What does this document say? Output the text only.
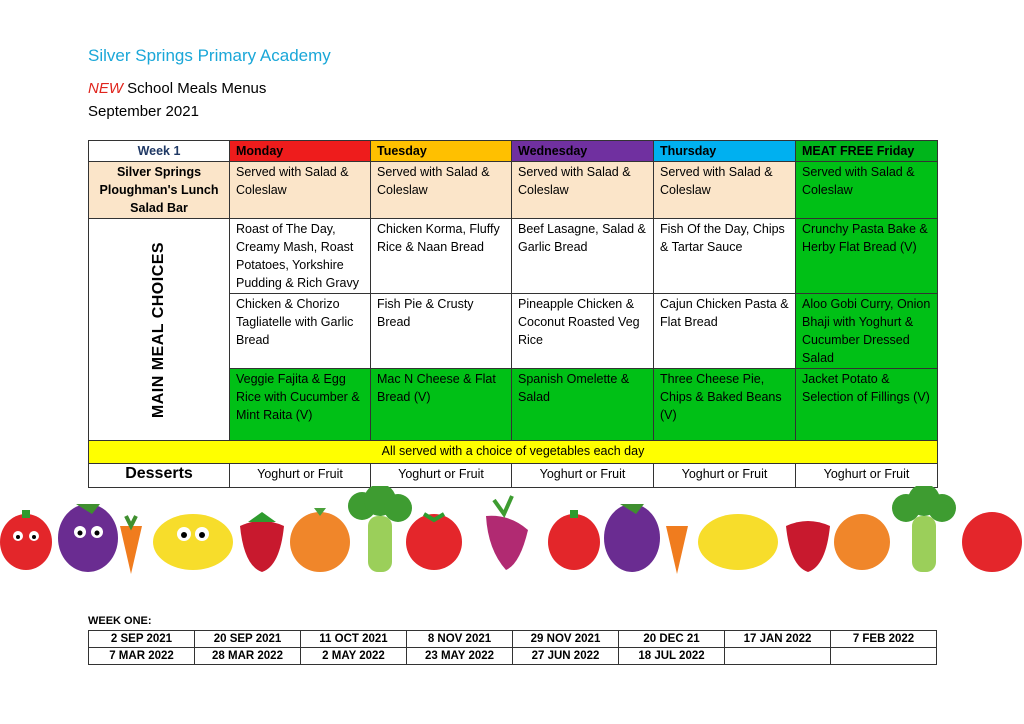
Silver Springs Primary Academy
NEW School Meals Menus
September 2021
Week 1	Monday	Tuesday	Wednesday	Thursday	MEAT FREE Friday
Silver Springs Ploughman's Lunch Salad Bar	Served with Salad & Coleslaw	Served with Salad & Coleslaw	Served with Salad & Coleslaw	Served with Salad & Coleslaw	Served with Salad & Coleslaw

MAIN MEAL CHOICES	Roast of The Day, Creamy Mash, Roast Potatoes, Yorkshire Pudding & Rich Gravy	Chicken Korma, Fluffy Rice & Naan Bread	Beef Lasagne, Salad & Garlic Bread	Fish Of the Day, Chips & Tartar Sauce	Crunchy Pasta Bake & Herby Flat Bread (V)
	Chicken & Chorizo Tagliatelle with Garlic Bread	Fish Pie & Crusty Bread	Pineapple Chicken & Coconut Roasted Veg Rice	Cajun Chicken Pasta & Flat Bread	Aloo Gobi Curry, Onion Bhaji with Yoghurt & Cucumber Dressed Salad
	Veggie Fajita & Egg Rice with Cucumber & Mint Raita (V)	Mac N Cheese & Flat Bread (V)	Spanish Omelette & Salad	Three Cheese Pie, Chips & Baked Beans (V)	Jacket Potato & Selection of Fillings (V)
All served with a choice of vegetables each day					
Desserts	Yoghurt or Fruit	Yoghurt or Fruit	Yoghurt or Fruit	Yoghurt or Fruit	Yoghurt or Fruit
WEEK ONE:
2 SEP 2021	20 SEP 2021	11 OCT 2021	8 NOV 2021	29 NOV 2021	20 DEC 21	17 JAN 2022	7 FEB 2022
7 MAR 2022	28 MAR 2022	2 MAY 2022	23 MAY 2022	27 JUN 2022	18 JUL 2022		
